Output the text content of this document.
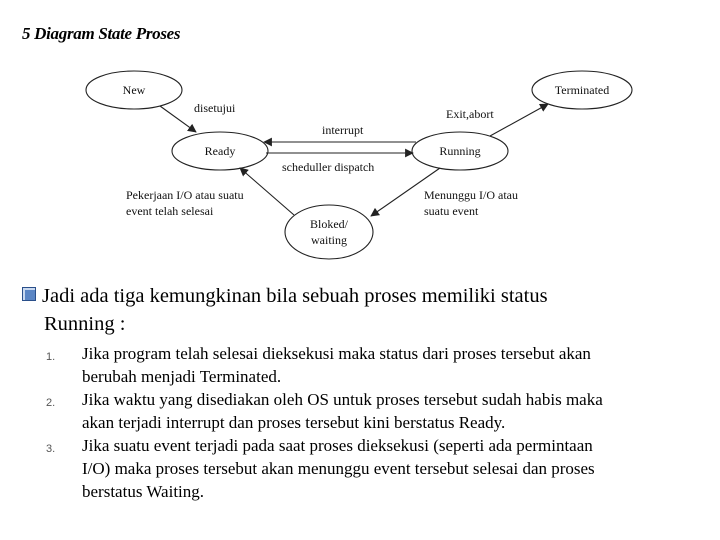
5 Diagram State Proses
New	Terminated
Ready	Running
Bloked/
waiting
disetujui	Exit,abort
interrupt
scheduller dispatch
Pekerjaan I/O atau suatu
event telah selesai
Menunggu I/O atau
suatu event
Jadi ada tiga kemungkinan bila sebuah proses memiliki status
Running :
1.	Jika program telah selesai dieksekusi maka status dari proses tersebut akan
berubah menjadi Terminated.
2.	Jika waktu yang disediakan oleh OS untuk proses tersebut sudah habis maka
akan terjadi interrupt dan proses tersebut kini berstatus Ready.
3.	Jika suatu event terjadi pada saat proses dieksekusi (seperti ada permintaan
I/O) maka proses tersebut akan menunggu event tersebut selesai dan proses
berstatus Waiting.
